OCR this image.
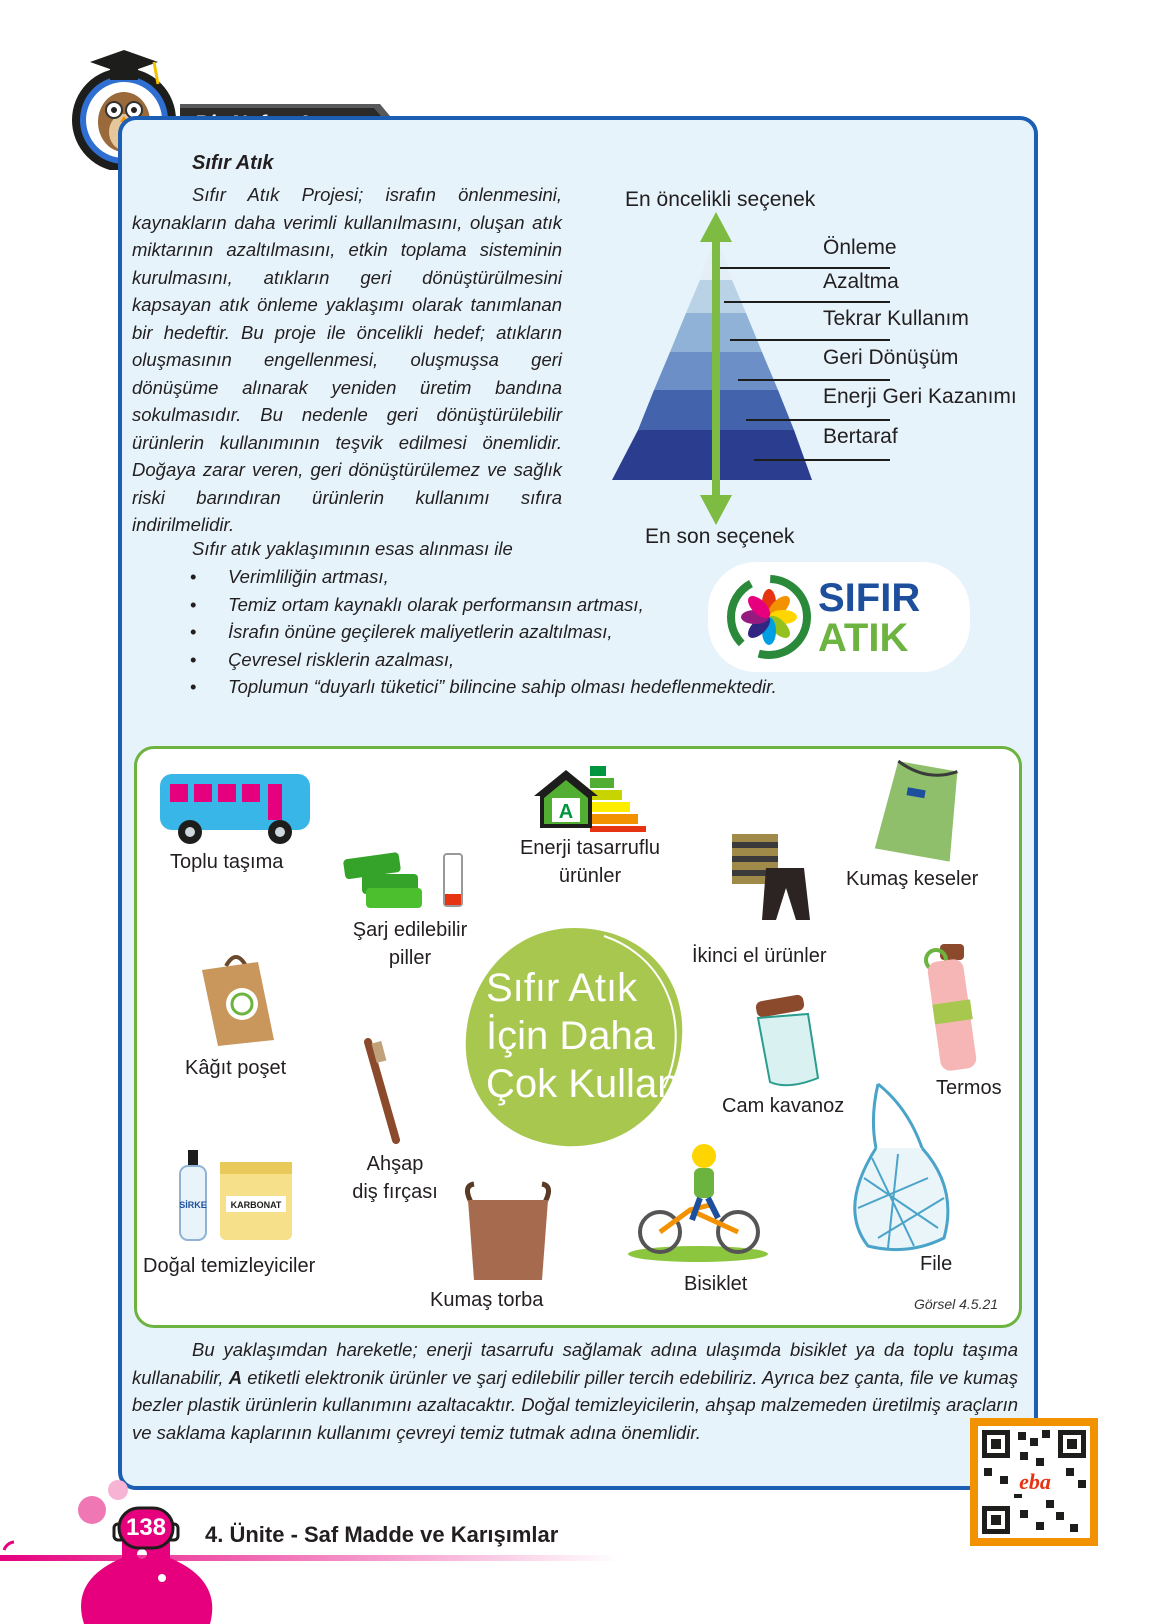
Sıfır Atık
Sıfır Atık Projesi; israfın önlenmesini, kaynakların daha verimli kullanılmasını, oluşan atık miktarının azaltılmasını, etkin toplama sisteminin kurulmasını, atıkların geri dönüştürülmesini kapsayan atık önleme yaklaşımı olarak tanımlanan bir hedeftir. Bu proje ile öncelikli hedef; atıkların oluşmasının engellenmesi, oluşmuşsa geri dönüşüme alınarak yeniden üretim bandına sokulmasıdır. Bu nedenle geri dönüştürülebilir ürünlerin kullanımının teşvik edilmesi önemlidir. Doğaya zarar veren, geri dönüştürülemez ve sağlık riski barındıran ürünlerin kullanımı sıfıra indirilmelidir.
En öncelikli seçenek
Önleme
Azaltma
Tekrar Kullanım
Geri Dönüşüm
Enerji Geri Kazanımı
Bertaraf
En son seçenek
Sıfır atık yaklaşımının esas alınması ile
• Verimliliğin artması,
• Temiz ortam kaynaklı olarak performansın artması,
• İsrafın önüne geçilerek maliyetlerin azaltılması,
• Çevresel risklerin azalması,
• Toplumun “duyarlı tüketici” bilincine sahip olması hedeflenmektedir.
SIFIR
ATIK
Sıfır Atık
İçin Daha
Çok Kullan
Toplu taşıma
Şarj edilebilir
piller
A
Enerji tasarruflu
ürünler
İkinci el ürünler
Kumaş keseler
Kâğıt poşet
Ahşap
diş fırçası
Cam kavanoz
Termos
File
SİRKE	KARBONAT
Doğal temizleyiciler
Kumaş torba
Bisiklet
Görsel 4.5.21
Bu yaklaşımdan hareketle; enerji tasarrufu sağlamak adına ulaşımda bisiklet ya da toplu taşıma kullanabilir, A etiketli elektronik ürünler ve şarj edilebilir piller tercih edebiliriz. Ayrıca bez çanta, file ve kumaş bezler plastik ürünlerin kullanımını azaltacaktır. Doğal temizleyicilerin, ahşap malzemeden üretilmiş araçların ve saklama kaplarının kullanımı çevreyi temiz tutmak adına önemlidir.
eba
138	4. Ünite - Saf Madde ve Karışımlar
